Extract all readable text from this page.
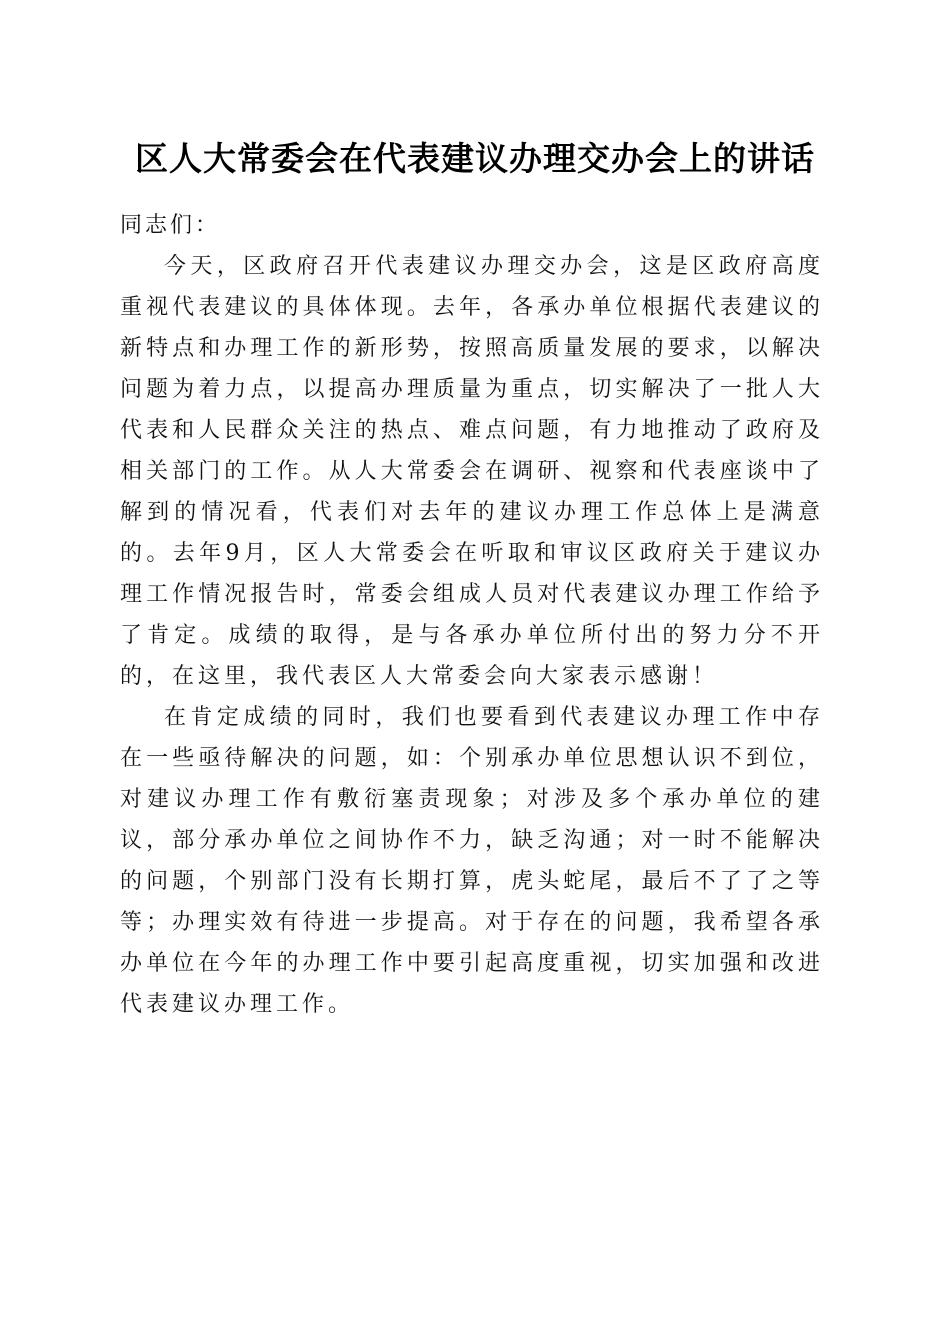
区人大常委会在代表建议办理交办会上的讲话

同志们：

今天，区政府召开代表建议办理交办会，这是区政府高度重视代表建议的具体体现。去年，各承办单位根据代表建议的新特点和办理工作的新形势，按照高质量发展的要求，以解决问题为着力点，以提高办理质量为重点，切实解决了一批人大代表和人民群众关注的热点、难点问题，有力地推动了政府及相关部门的工作。从人大常委会在调研、视察和代表座谈中了解到的情况看，代表们对去年的建议办理工作总体上是满意的。去年9月，区人大常委会在听取和审议区政府关于建议办理工作情况报告时，常委会组成人员对代表建议办理工作给予了肯定。成绩的取得，是与各承办单位所付出的努力分不开的，在这里，我代表区人大常委会向大家表示感谢！

在肯定成绩的同时，我们也要看到代表建议办理工作中存在一些亟待解决的问题，如：个别承办单位思想认识不到位，对建议办理工作有敷衍塞责现象；对涉及多个承办单位的建议，部分承办单位之间协作不力，缺乏沟通；对一时不能解决的问题，个别部门没有长期打算，虎头蛇尾，最后不了了之等等；办理实效有待进一步提高。对于存在的问题，我希望各承办单位在今年的办理工作中要引起高度重视，切实加强和改进代表建议办理工作。
